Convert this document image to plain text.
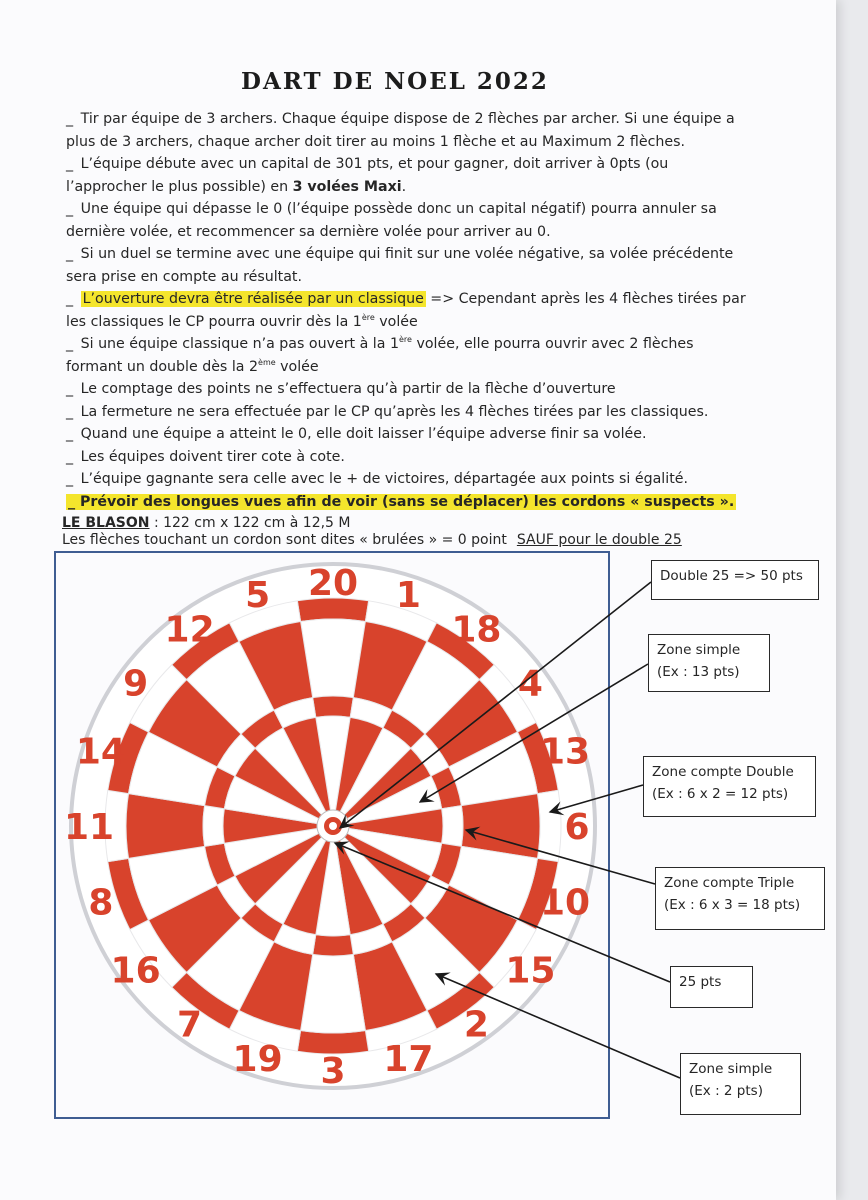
DART DE NOEL 2022

_ Tir par équipe de 3 archers. Chaque équipe dispose de 2 flèches par archer. Si une équipe a plus de 3 archers, chaque archer doit tirer au moins 1 flèche et au Maximum 2 flèches.

_ L’équipe débute avec un capital de 301 pts, et pour gagner, doit arriver à 0pts (ou l’approcher le plus possible) en 3 volées Maxi.

_ Une équipe qui dépasse le 0 (l’équipe possède donc un capital négatif) pourra annuler sa dernière volée, et recommencer sa dernière volée pour arriver au 0.

_ Si un duel se termine avec une équipe qui finit sur une volée négative, sa volée précédente sera prise en compte au résultat.

_ L’ouverture devra être réalisée par un classique => Cependant après les 4 flèches tirées par les classiques le CP pourra ouvrir dès la 1ère volée

_ Si une équipe classique n’a pas ouvert à la 1ère volée, elle pourra ouvrir avec 2 flèches formant un double dès la 2ème volée

_ Le comptage des points ne s’effectuera qu’à partir de la flèche d’ouverture

_ La fermeture ne sera effectuée par le CP qu’après les 4 flèches tirées par les classiques.

_ Quand une équipe a atteint le 0, elle doit laisser l’équipe adverse finir sa volée.

_ Les équipes doivent tirer cote à cote.

_ L’équipe gagnante sera celle avec le + de victoires, départagée aux points si égalité.

_ Prévoir des longues vues afin de voir (sans se déplacer) les cordons « suspects ».

LE BLASON : 122 cm x 122 cm à 12,5 M
Les flèches touchant un cordon sont dites « brulées » = 0 point SAUF pour le double 25
20 1
18
4
13
6
10
15
2
17
3
19
7
16
8
11
14
9
12
5	Double 25 => 50 pts
Zone simple
(Ex : 13 pts)
Zone compte Double
(Ex : 6 x 2 = 12 pts)
Zone compte Triple
(Ex : 6 x 3 = 18 pts)
25 pts
Zone simple
(Ex : 2 pts)
